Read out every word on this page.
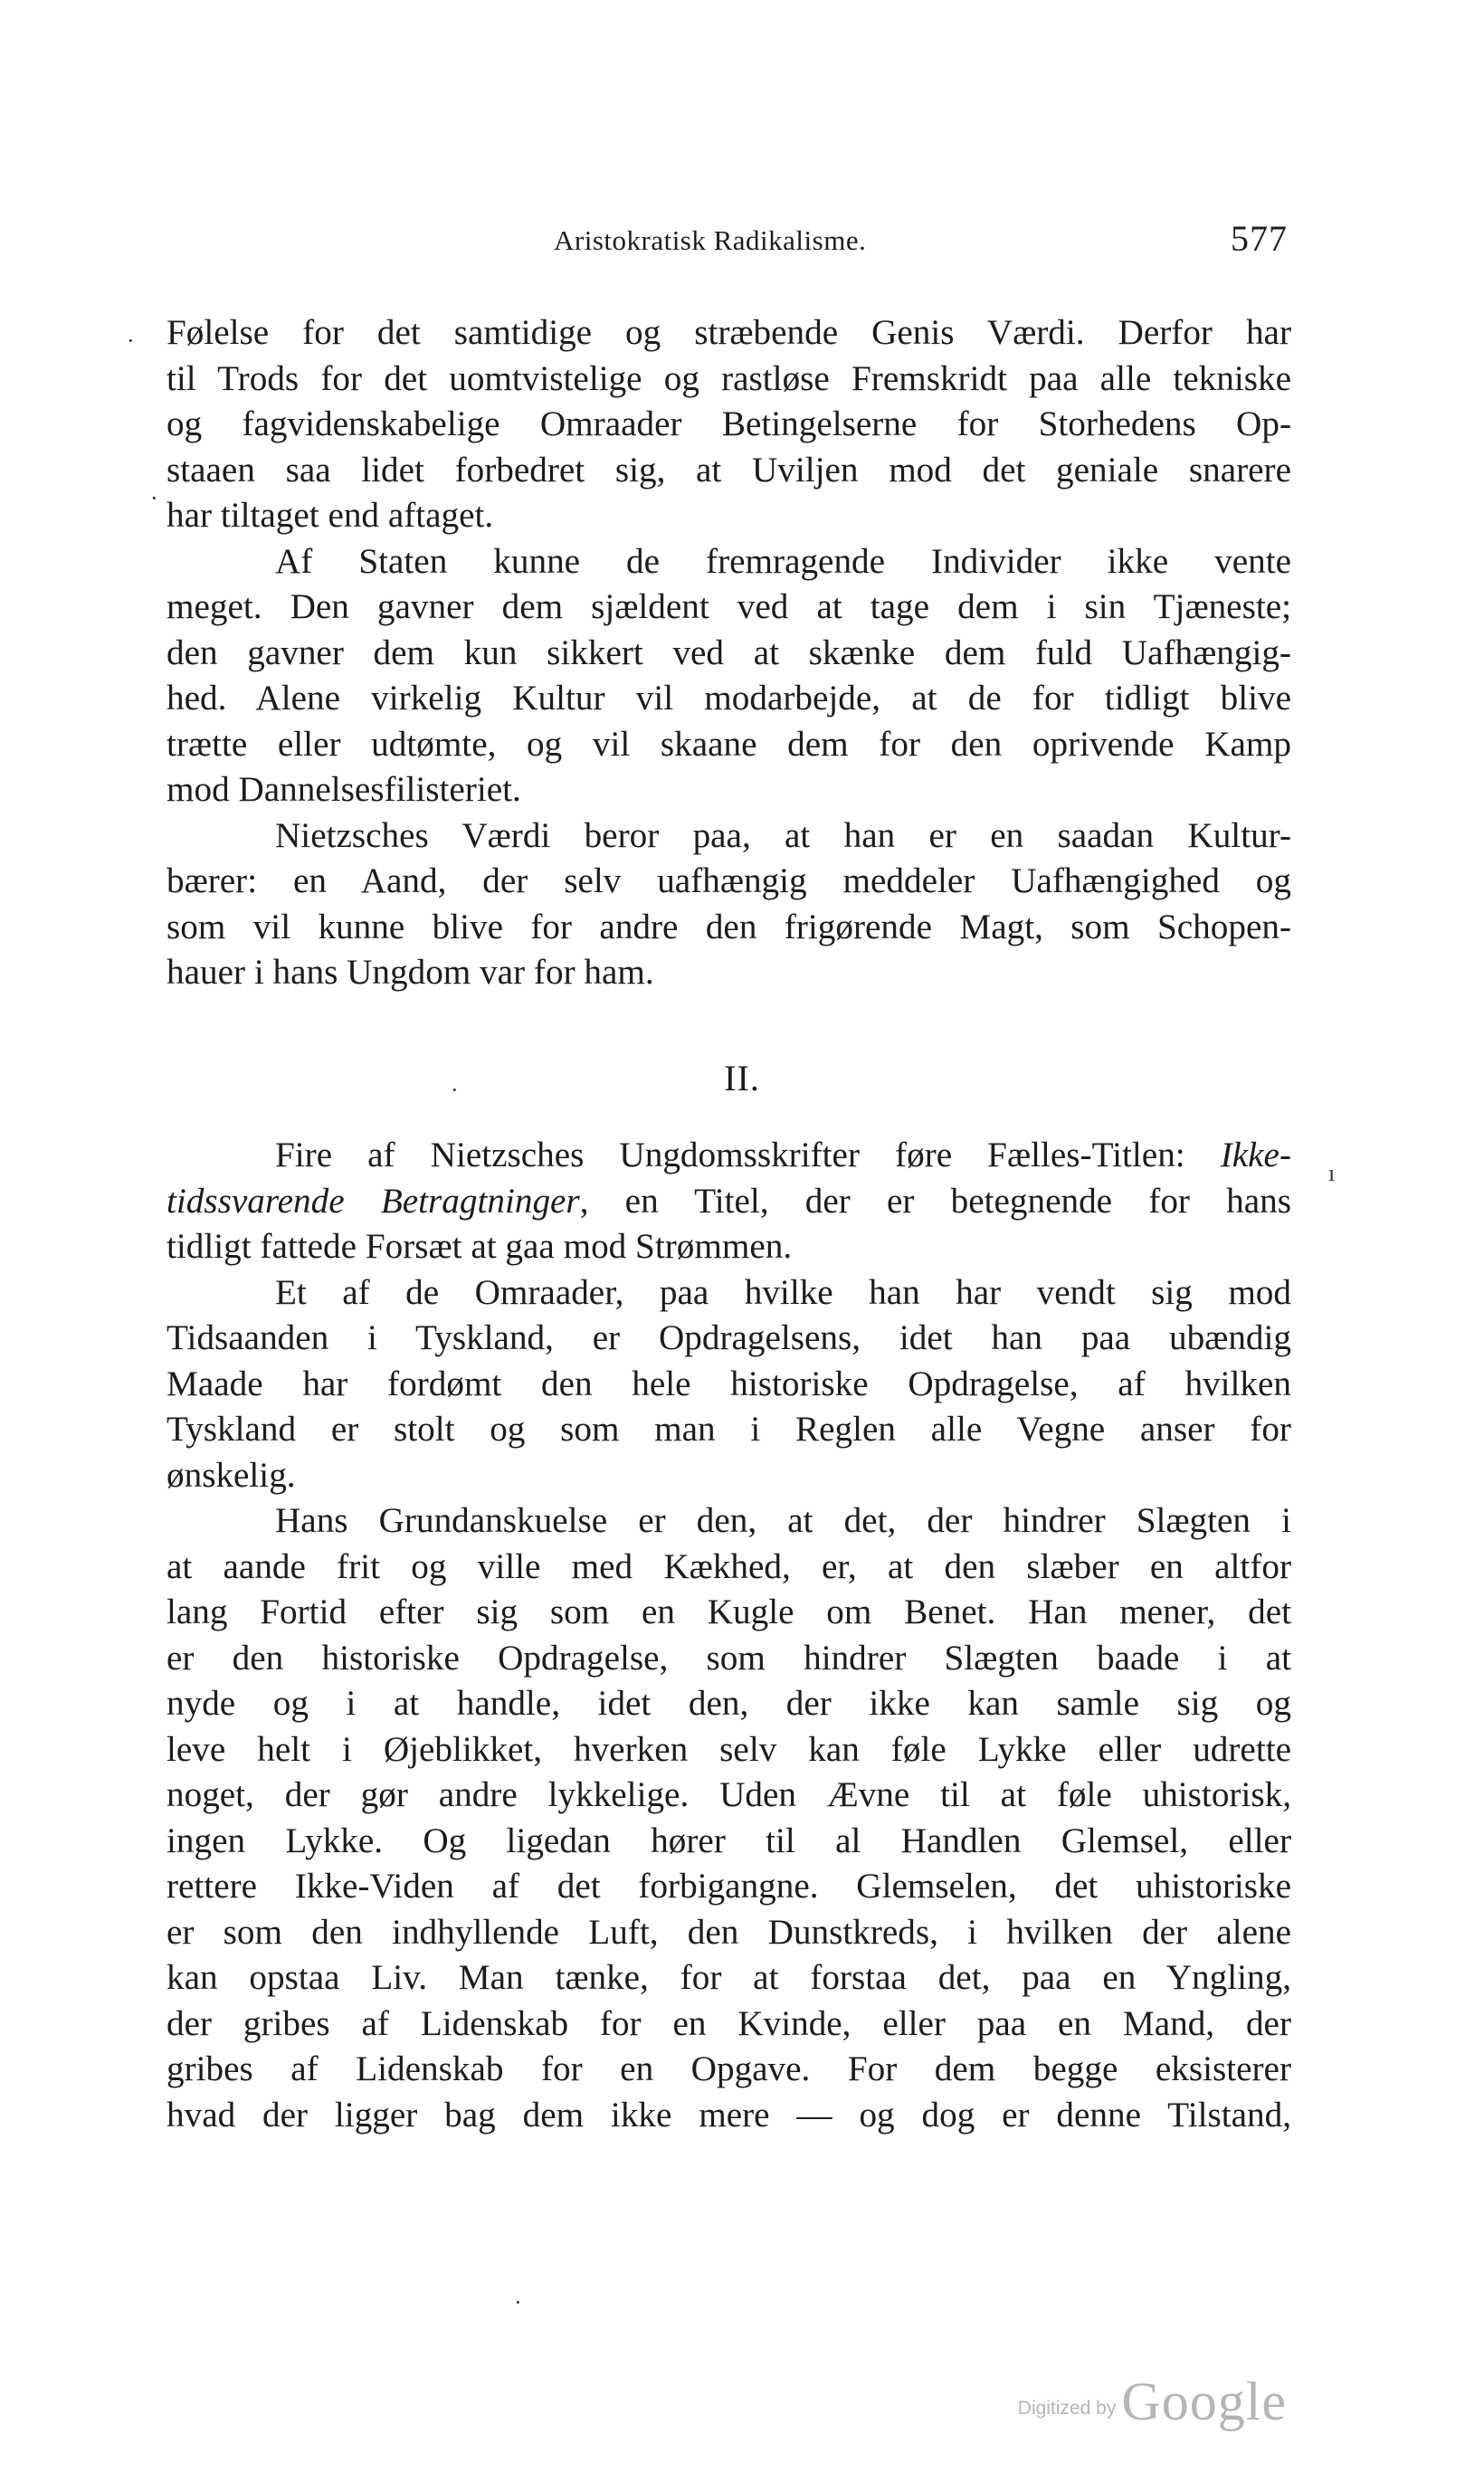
Aristokratisk Radikalisme.	577
Følelse for det samtidige og stræbende Genis Værdi. Derfor har
til Trods for det uomtvistelige og rastløse Fremskridt paa alle tekniske
og fagvidenskabelige Omraader Betingelserne for Storhedens Op-
staaen saa lidet forbedret sig, at Uviljen mod det geniale snarere
har tiltaget end aftaget.
Af Staten kunne de fremragende Individer ikke vente
meget. Den gavner dem sjældent ved at tage dem i sin Tjæneste;
den gavner dem kun sikkert ved at skænke dem fuld Uafhængig-
hed. Alene virkelig Kultur vil modarbejde, at de for tidligt blive
trætte eller udtømte, og vil skaane dem for den oprivende Kamp
mod Dannelsesfilisteriet.
Nietzsches Værdi beror paa, at han er en saadan Kultur-
bærer: en Aand, der selv uafhængig meddeler Uafhængighed og
som vil kunne blive for andre den frigørende Magt, som Schopen-
hauer i hans Ungdom var for ham.
II.
Fire af Nietzsches Ungdomsskrifter føre Fælles-Titlen: Ikke-
tidssvarende Betragtninger, en Titel, der er betegnende for hans
tidligt fattede Forsæt at gaa mod Strømmen.
Et af de Omraader, paa hvilke han har vendt sig mod
Tidsaanden i Tyskland, er Opdragelsens, idet han paa ubændig
Maade har fordømt den hele historiske Opdragelse, af hvilken
Tyskland er stolt og som man i Reglen alle Vegne anser for
ønskelig.
Hans Grundanskuelse er den, at det, der hindrer Slægten i
at aande frit og ville med Kækhed, er, at den slæber en altfor
lang Fortid efter sig som en Kugle om Benet. Han mener, det
er den historiske Opdragelse, som hindrer Slægten baade i at
nyde og i at handle, idet den, der ikke kan samle sig og
leve helt i Øjeblikket, hverken selv kan føle Lykke eller udrette
noget, der gør andre lykkelige. Uden Ævne til at føle uhistorisk,
ingen Lykke. Og ligedan hører til al Handlen Glemsel, eller
rettere Ikke-Viden af det forbigangne. Glemselen, det uhistoriske
er som den indhyllende Luft, den Dunstkreds, i hvilken der alene
kan opstaa Liv. Man tænke, for at forstaa det, paa en Yngling,
der gribes af Lidenskab for en Kvinde, eller paa en Mand, der
gribes af Lidenskab for en Opgave. For dem begge eksisterer
hvad der ligger bag dem ikke mere — og dog er denne Tilstand,
·
·
·
ı
·
Digitized by Google
